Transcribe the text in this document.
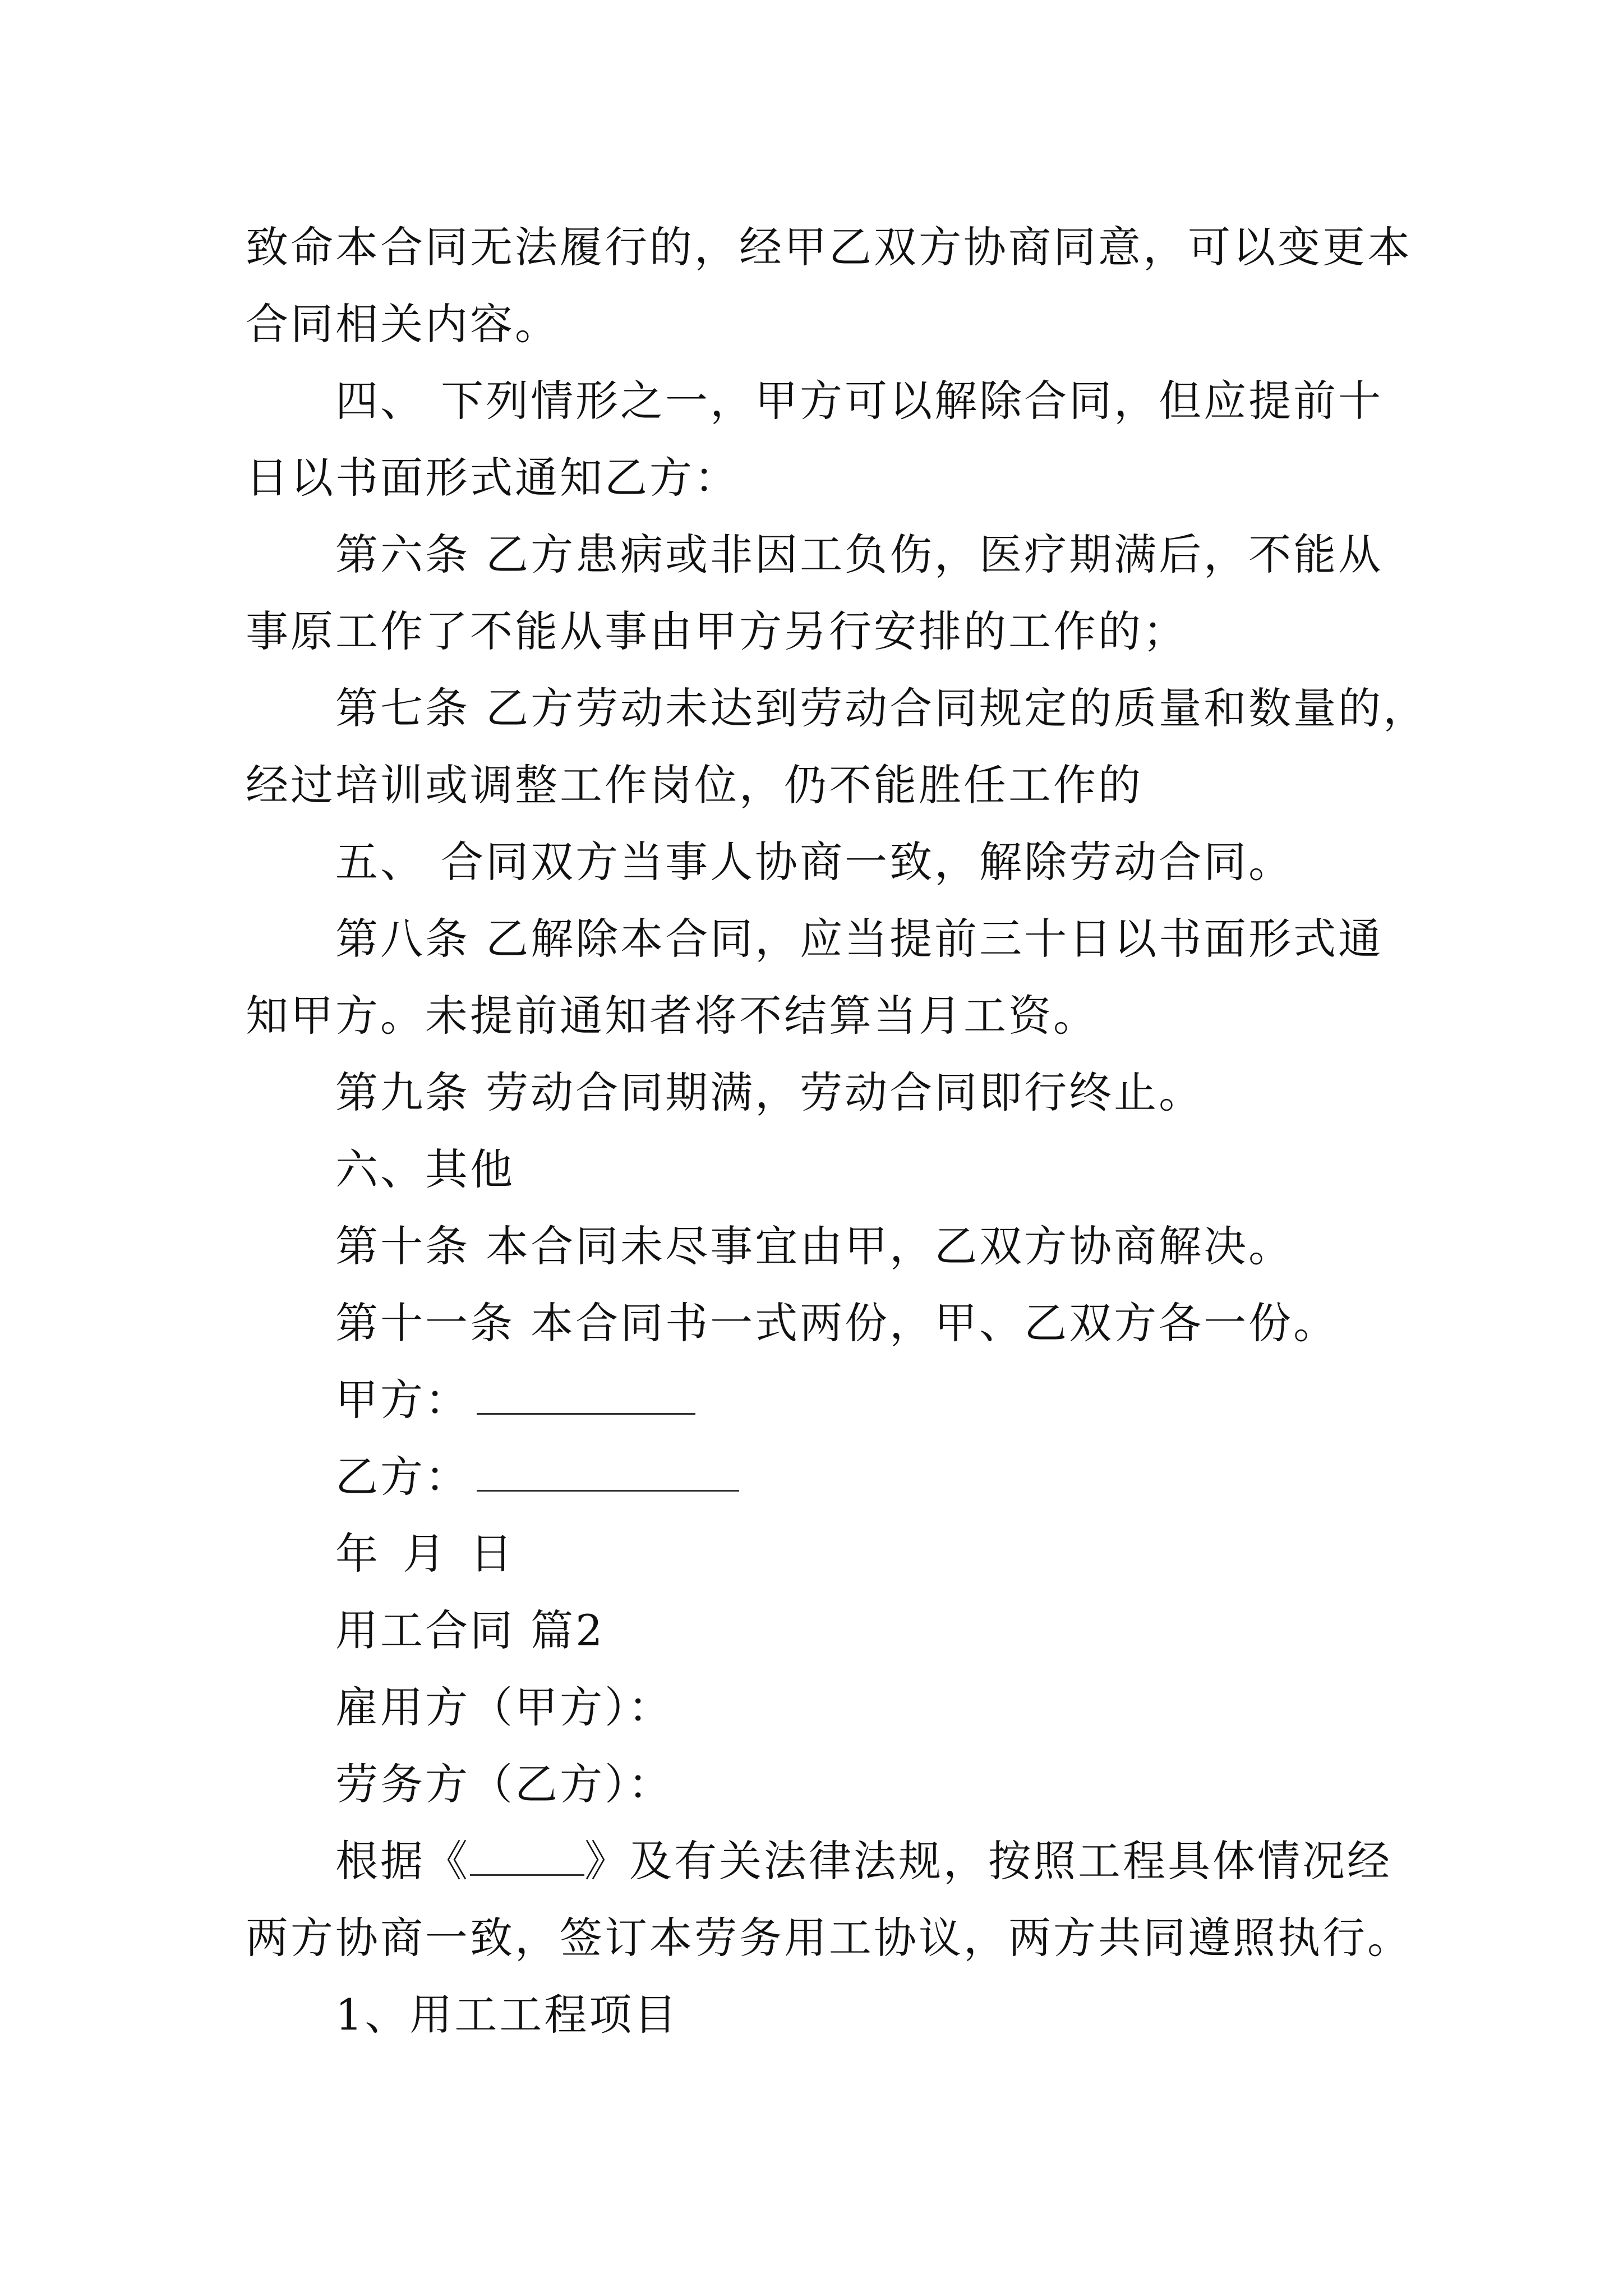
致命本合同无法履行的，经甲乙双方协商同意，可以变更本

合同相关内容。

四、 下列情形之一，甲方可以解除合同，但应提前十

日以书面形式通知乙方：

第六条 乙方患病或非因工负伤，医疗期满后，不能从

事原工作了不能从事由甲方另行安排的工作的；

第七条 乙方劳动未达到劳动合同规定的质量和数量的，

经过培训或调整工作岗位，仍不能胜任工作的

五、 合同双方当事人协商一致，解除劳动合同。

第八条 乙解除本合同，应当提前三十日以书面形式通

知甲方。未提前通知者将不结算当月工资。

第九条 劳动合同期满，劳动合同即行终止。

六、其他

第十条 本合同未尽事宜由甲，乙双方协商解决。

第十一条 本合同书一式两份，甲、乙双方各一份。

甲方：

乙方：

年 月 日

用工合同 篇2

雇用方（甲方）：

劳务方（乙方）：

根据《	》及有关法律法规，按照工程具体情况经

两方协商一致，签订本劳务用工协议，两方共同遵照执行。

1、用工工程项目
